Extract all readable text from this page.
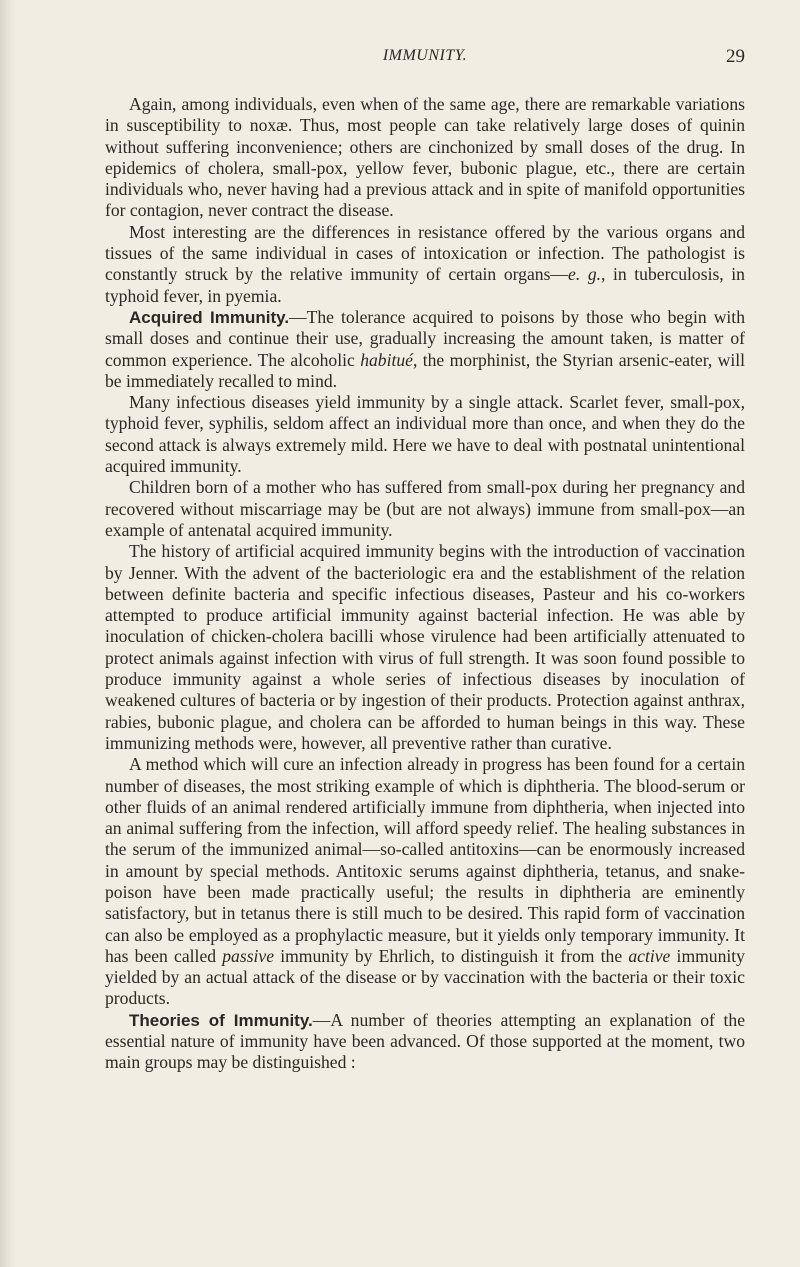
IMMUNITY.	29

Again, among individuals, even when of the same age, there are remarkable variations in susceptibility to noxæ. Thus, most people can take relatively large doses of quinin without suffering inconvenience; others are cinchonized by small doses of the drug. In epidemics of cholera, small-pox, yellow fever, bubonic plague, etc., there are certain individuals who, never having had a previous attack and in spite of manifold opportunities for contagion, never contract the disease.

Most interesting are the differences in resistance offered by the various organs and tissues of the same individual in cases of intoxication or infection. The pathologist is constantly struck by the relative immunity of certain organs—e. g., in tuberculosis, in typhoid fever, in pyemia.

Acquired Immunity.—The tolerance acquired to poisons by those who begin with small doses and continue their use, gradually increasing the amount taken, is matter of common experience. The alcoholic habitué, the morphinist, the Styrian arsenic-eater, will be immediately recalled to mind.

Many infectious diseases yield immunity by a single attack. Scarlet fever, small-pox, typhoid fever, syphilis, seldom affect an individual more than once, and when they do the second attack is always extremely mild. Here we have to deal with postnatal unintentional acquired immunity.

Children born of a mother who has suffered from small-pox during her pregnancy and recovered without miscarriage may be (but are not always) immune from small-pox—an example of antenatal acquired immunity.

The history of artificial acquired immunity begins with the introduction of vaccination by Jenner. With the advent of the bacteriologic era and the establishment of the relation between definite bacteria and specific infectious diseases, Pasteur and his co-workers attempted to produce artificial immunity against bacterial infection. He was able by inoculation of chicken-cholera bacilli whose virulence had been artificially attenuated to protect animals against infection with virus of full strength. It was soon found possible to produce immunity against a whole series of infectious diseases by inoculation of weakened cultures of bacteria or by ingestion of their products. Protection against anthrax, rabies, bubonic plague, and cholera can be afforded to human beings in this way. These immunizing methods were, however, all preventive rather than curative.

A method which will cure an infection already in progress has been found for a certain number of diseases, the most striking example of which is diphtheria. The blood-serum or other fluids of an animal rendered artificially immune from diphtheria, when injected into an animal suffering from the infection, will afford speedy relief. The healing substances in the serum of the immunized animal—so-called antitoxins—can be enormously increased in amount by special methods. Antitoxic serums against diphtheria, tetanus, and snake-poison have been made practically useful; the results in diphtheria are eminently satisfactory, but in tetanus there is still much to be desired. This rapid form of vaccination can also be employed as a prophylactic measure, but it yields only temporary immunity. It has been called passive immunity by Ehrlich, to distinguish it from the active immunity yielded by an actual attack of the disease or by vaccination with the bacteria or their toxic products.

Theories of Immunity.—A number of theories attempting an explanation of the essential nature of immunity have been advanced. Of those supported at the moment, two main groups may be distinguished :
